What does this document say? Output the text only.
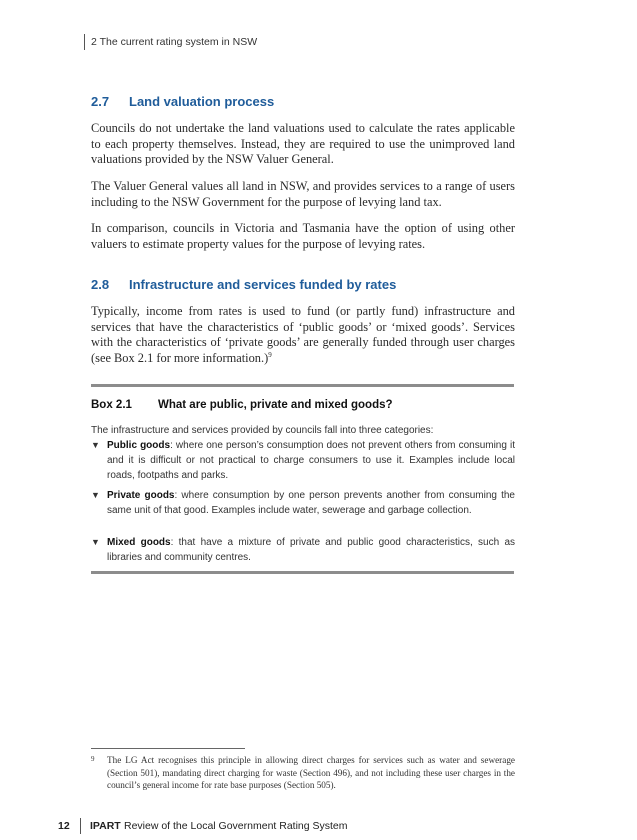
2 The current rating system in NSW
2.7 Land valuation process

Councils do not undertake the land valuations used to calculate the rates applicable to each property themselves. Instead, they are required to use the unimproved land valuations provided by the NSW Valuer General.

The Valuer General values all land in NSW, and provides services to a range of users including to the NSW Government for the purpose of levying land tax.

In comparison, councils in Victoria and Tasmania have the option of using other valuers to estimate property values for the purpose of levying rates.

2.8 Infrastructure and services funded by rates

Typically, income from rates is used to fund (or partly fund) infrastructure and services that have the characteristics of ‘public goods’ or ‘mixed goods’. Services with the characteristics of ‘private goods’ are generally funded through user charges (see Box 2.1 for more information.)$^9$

Box 2.1 What are public, private and mixed goods?

The infrastructure and services provided by councils fall into three categories:

▼ Public goods: where one person’s consumption does not prevent others from consuming it and it is difficult or not practical to charge consumers to use it. Examples include local roads, footpaths and parks.

▼ Private goods: where consumption by one person prevents another from consuming the same unit of that good. Examples include water, sewerage and garbage collection.

▼ Mixed goods: that have a mixture of private and public good characteristics, such as libraries and community centres.

9 The LG Act recognises this principle in allowing direct charges for services such as water and sewerage (Section 501), mandating direct charging for waste (Section 496), and not including these user charges in the council’s general income for rate base purposes (Section 505).

12 IPART Review of the Local Government Rating System
